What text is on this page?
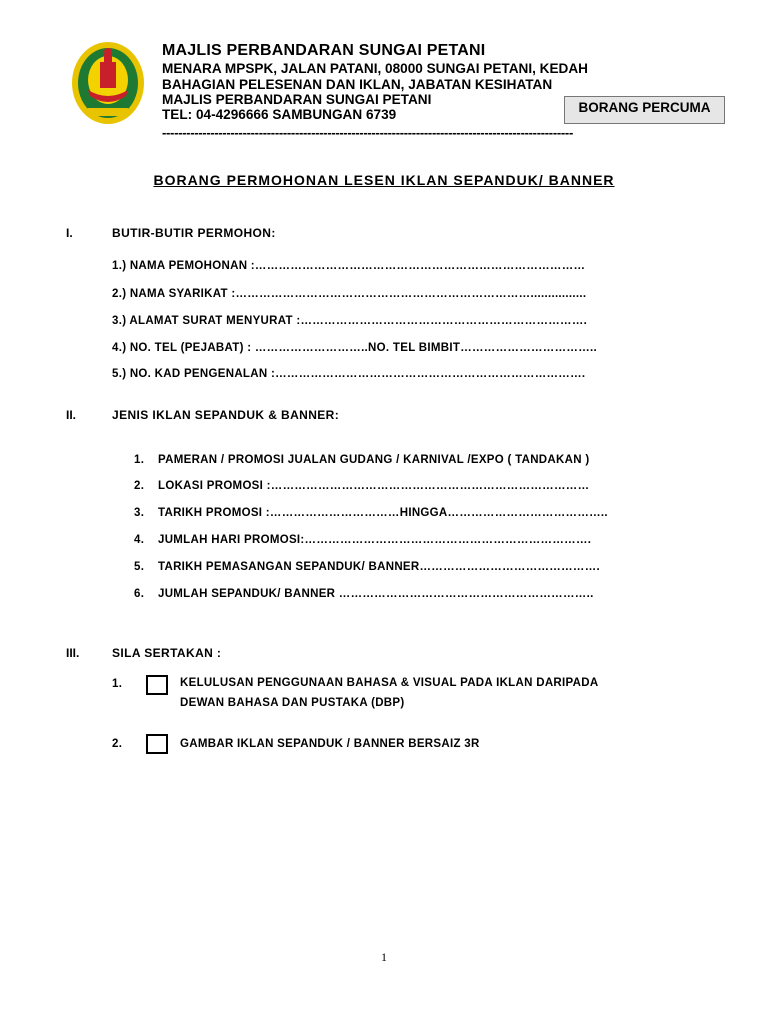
MAJLIS PERBANDARAN SUNGAI PETANI
MENARA MPSPK, JALAN PATANI, 08000 SUNGAI PETANI, KEDAH
BAHAGIAN PELESENAN DAN IKLAN, JABATAN KESIHATAN
MAJLIS PERBANDARAN SUNGAI PETANI
TEL: 04-4296666 SAMBUNGAN 6739	BORANG PERCUMA
------------------------------------------------------------------------------------------------------
BORANG PERMOHONAN LESEN IKLAN SEPANDUK/ BANNER
I.	BUTIR-BUTIR PERMOHON:
1.) NAMA PEMOHONAN :…………………………………………………………………………
2.) NAMA SYARIKAT :…………………………………………………………………................
3.) ALAMAT SURAT MENYURAT :……………………………………………………………….
4.) NO. TEL (PEJABAT) : ………………………..NO. TEL BIMBIT……………………………..
5.) NO. KAD PENGENALAN :…………………………………………………………………….
II.	JENIS IKLAN SEPANDUK & BANNER:
1. PAMERAN / PROMOSI JUALAN GUDANG / KARNIVAL /EXPO ( TANDAKAN )
2. LOKASI PROMOSI :………………………………………………………………………
3. TARIKH PROMOSI :……………………………HINGGA…………………………………..
4. JUMLAH HARI PROMOSI:……………………………………………………………….
5. TARIKH PEMASANGAN SEPANDUK/ BANNER……………………………………….
6. JUMLAH SEPANDUK/ BANNER ………………………………………………………..
III.	SILA SERTAKAN :
1.	KELULUSAN PENGGUNAAN BAHASA & VISUAL PADA IKLAN DARIPADA
DEWAN BAHASA DAN PUSTAKA (DBP)
2.	GAMBAR IKLAN SEPANDUK / BANNER BERSAIZ 3R
1
